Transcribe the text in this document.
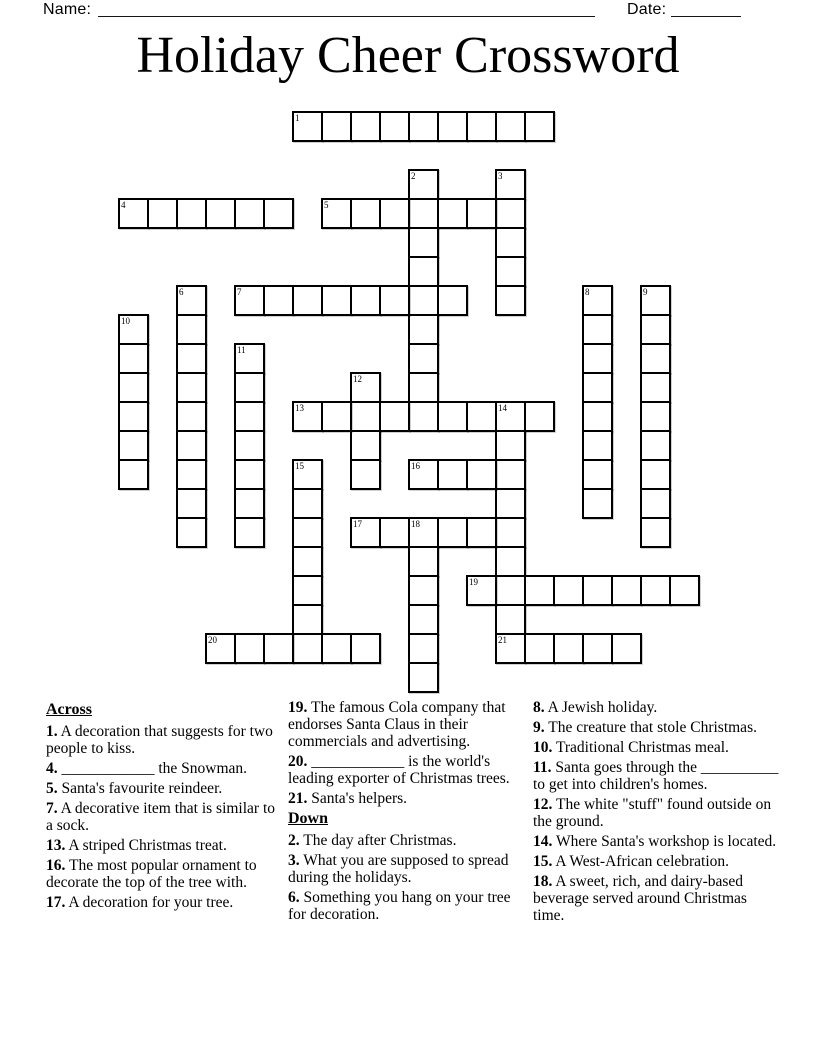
Name:	Date:
Holiday Cheer Crossword
1
2	3
4	5
6	7	8	9
10
11
12
13	14
15	16
17	18
19
20	21
Across
1. A decoration that suggests for two people to kiss.
4. ____________ the Snowman.
5. Santa's favourite reindeer.
7. A decorative item that is similar to a sock.
13. A striped Christmas treat.
16. The most popular ornament to decorate the top of the tree with.
17. A decoration for your tree.
19. The famous Cola company that endorses Santa Claus in their commercials and advertising.
20. ____________ is the world's leading exporter of Christmas trees.
21. Santa's helpers.
Down
2. The day after Christmas.
3. What you are supposed to spread during the holidays.
6. Something you hang on your tree for decoration.
8. A Jewish holiday.
9. The creature that stole Christmas.
10. Traditional Christmas meal.
11. Santa goes through the __________ to get into children's homes.
12. The white "stuff" found outside on the ground.
14. Where Santa's workshop is located.
15. A West-African celebration.
18. A sweet, rich, and dairy-based beverage served around Christmas time.
